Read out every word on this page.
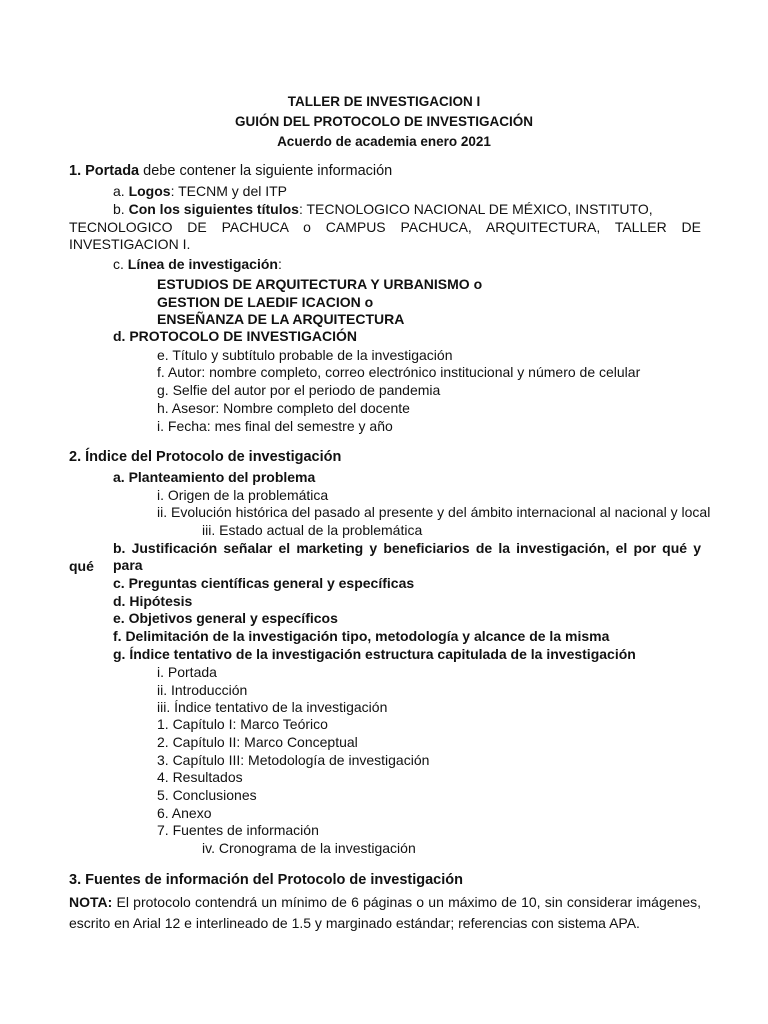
TALLER DE INVESTIGACION I
GUIÓN DEL PROTOCOLO DE INVESTIGACIÓN
Acuerdo de academia enero 2021
1. Portada debe contener la siguiente información
a. Logos: TECNM y del ITP
b. Con los siguientes títulos: TECNOLOGICO NACIONAL DE MÉXICO, INSTITUTO,
TECNOLOGICO DE PACHUCA o CAMPUS PACHUCA, ARQUITECTURA, TALLER DE
INVESTIGACION I.
c. Línea de investigación:
ESTUDIOS DE ARQUITECTURA Y URBANISMO o
GESTION DE LAEDIF ICACION o
ENSEÑANZA DE LA ARQUITECTURA
d. PROTOCOLO DE INVESTIGACIÓN
e. Título y subtítulo probable de la investigación
f. Autor: nombre completo, correo electrónico institucional y número de celular
g. Selfie del autor por el periodo de pandemia
h. Asesor: Nombre completo del docente
i. Fecha: mes final del semestre y año
2. Índice del Protocolo de investigación
a. Planteamiento del problema
i. Origen de la problemática
ii. Evolución histórica del pasado al presente y del ámbito internacional al nacional y local
iii. Estado actual de la problemática
b. Justificación señalar el marketing y beneficiarios de la investigación, el por qué y para
qué
c. Preguntas científicas general y específicas
d. Hipótesis
e. Objetivos general y específicos
f. Delimitación de la investigación tipo, metodología y alcance de la misma
g. Índice tentativo de la investigación estructura capitulada de la investigación
i. Portada
ii. Introducción
iii. Índice tentativo de la investigación
1. Capítulo I: Marco Teórico
2. Capítulo II: Marco Conceptual
3. Capítulo III: Metodología de investigación
4. Resultados
5. Conclusiones
6. Anexo
7. Fuentes de información
iv. Cronograma de la investigación
3. Fuentes de información del Protocolo de investigación
NOTA: El protocolo contendrá un mínimo de 6 páginas o un máximo de 10, sin considerar imágenes,
escrito en Arial 12 e interlineado de 1.5 y marginado estándar; referencias con sistema APA.
